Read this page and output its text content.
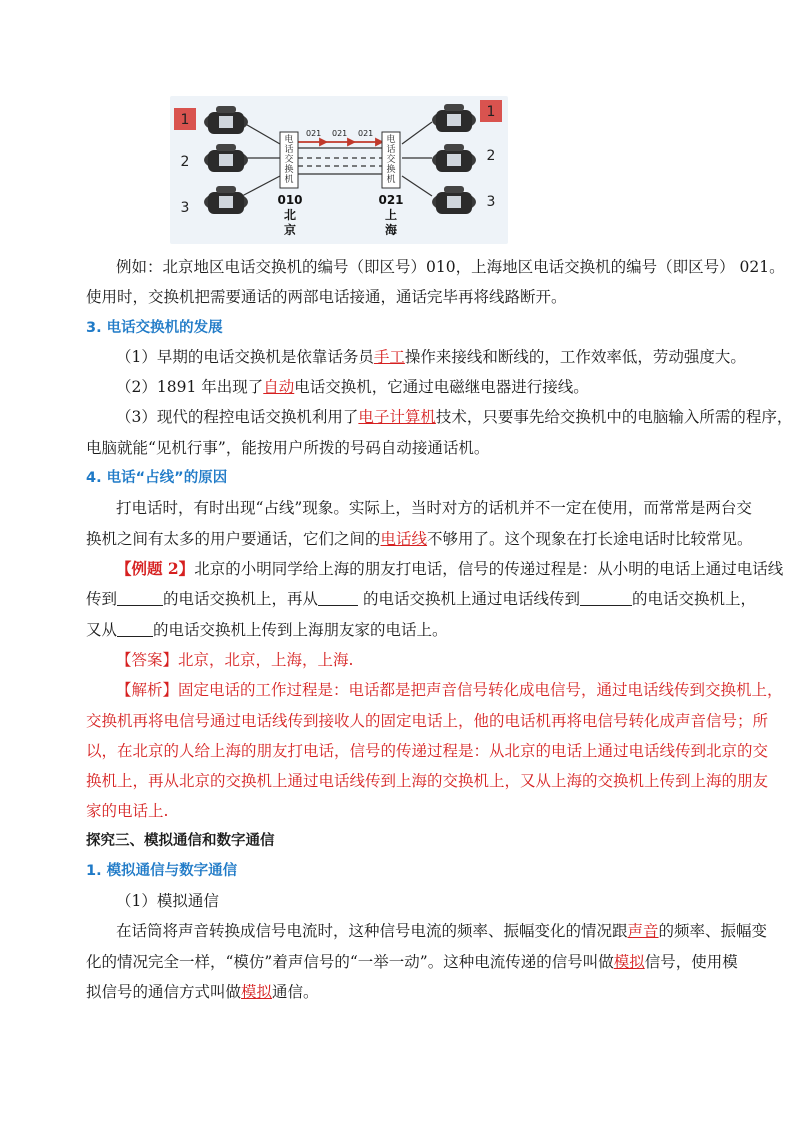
021 021 021
电
话
交
换
机
电
话
交
换
机
010
北
京
021
上
海
1
2
3
1
2
3
例如：北京地区电话交换机的编号（即区号）010，上海地区电话交换机的编号（即区号） 021。
使用时，交换机把需要通话的两部电话接通，通话完毕再将线路断开。
3. 电话交换机的发展
（1）早期的电话交换机是依靠话务员手工操作来接线和断线的，工作效率低，劳动强度大。
（2）1891 年出现了自动电话交换机，它通过电磁继电器进行接线。
（3）现代的程控电话交换机利用了电子计算机技术，只要事先给交换机中的电脑输入所需的程序，
电脑就能“见机行事”，能按用户所拨的号码自动接通话机。
4. 电话“占线”的原因
打电话时，有时出现“占线”现象。实际上，当时对方的话机并不一定在使用，而常常是两台交
换机之间有太多的用户要通话，它们之间的电话线不够用了。这个现象在打长途电话时比较常见。
【例题 2】北京的小明同学给上海的朋友打电话，信号的传递过程是：从小明的电话上通过电话线
传到	的电话交换机上，再从	的电话交换机上通过电话线传到	的电话交换机上，
又从 的电话交换机上传到上海朋友家的电话上。
【答案】北京，北京，上海，上海.
【解析】固定电话的工作过程是：电话都是把声音信号转化成电信号，通过电话线传到交换机上，
交换机再将电信号通过电话线传到接收人的固定电话上，他的电话机再将电信号转化成声音信号；所
以，在北京的人给上海的朋友打电话，信号的传递过程是：从北京的电话上通过电话线传到北京的交
换机上，再从北京的交换机上通过电话线传到上海的交换机上，又从上海的交换机上传到上海的朋友
家的电话上.
探究三、模拟通信和数字通信
1. 模拟通信与数字通信
（1）模拟通信
在话筒将声音转换成信号电流时，这种信号电流的频率、振幅变化的情况跟声音的频率、振幅变
化的情况完全一样，“模仿”着声信号的“一举一动”。这种电流传递的信号叫做模拟信号，使用模
拟信号的通信方式叫做模拟通信。
